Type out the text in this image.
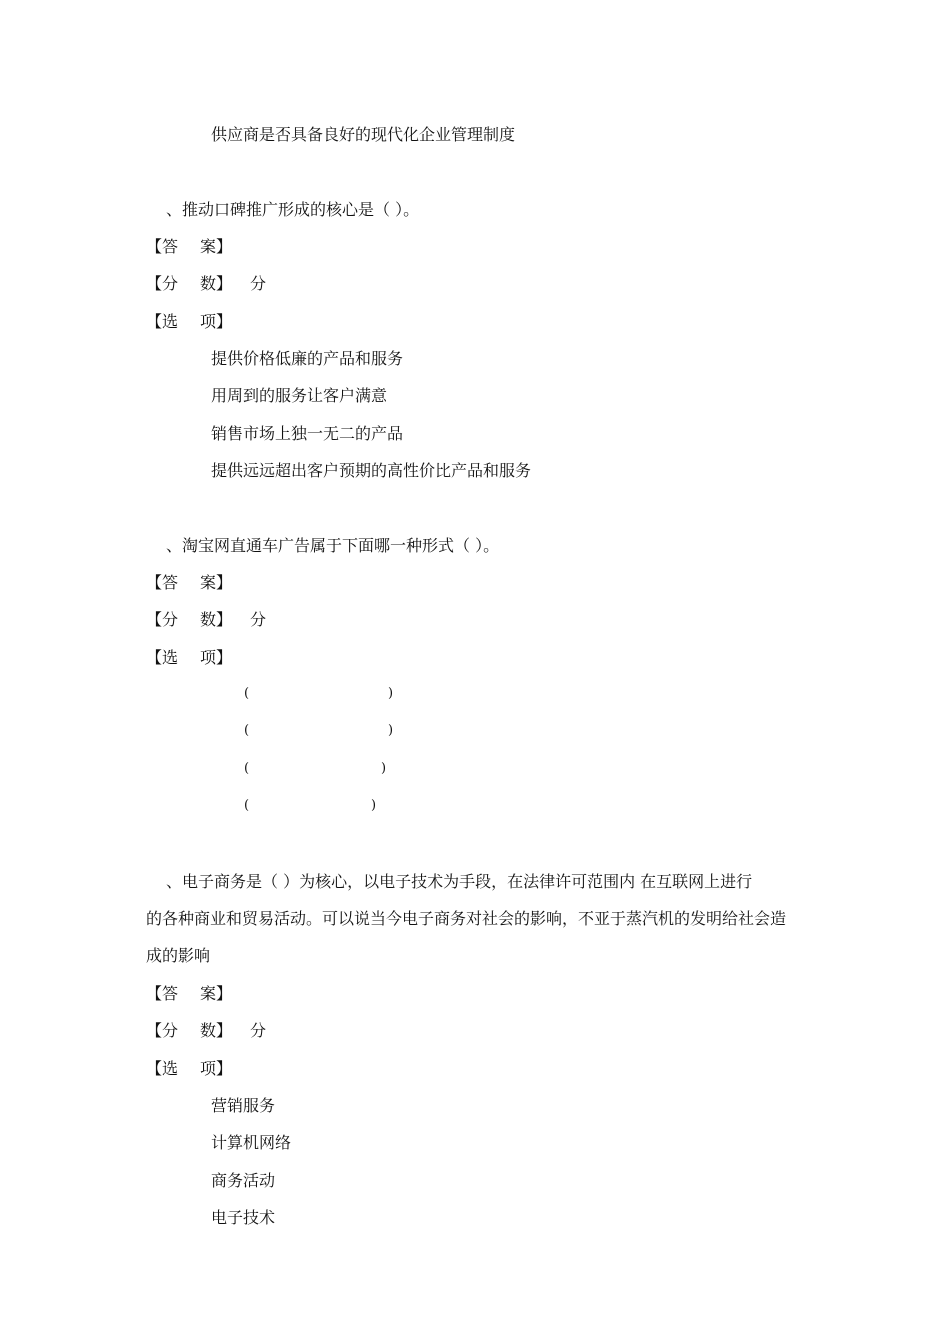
供应商是否具备良好的现代化企业管理制度
、推动口碑推广形成的核心是（ ）。
【答 案】
【分 数】 分
【选 项】
提供价格低廉的产品和服务
用周到的服务让客户满意
销售市场上独一无二的产品
提供远远超出客户预期的高性价比产品和服务
、淘宝网直通车广告属于下面哪一种形式（ ）。
【答 案】
【分 数】 分
【选 项】
(	)
(	)
(	)
(	)
、电子商务是（ ）为核心，以电子技术为手段，在法律许可范围内 在互联网上进行
的各种商业和贸易活动。可以说当今电子商务对社会的影响，不亚于蒸汽机的发明给社会造
成的影响
【答 案】
【分 数】 分
【选 项】
营销服务
计算机网络
商务活动
电子技术
